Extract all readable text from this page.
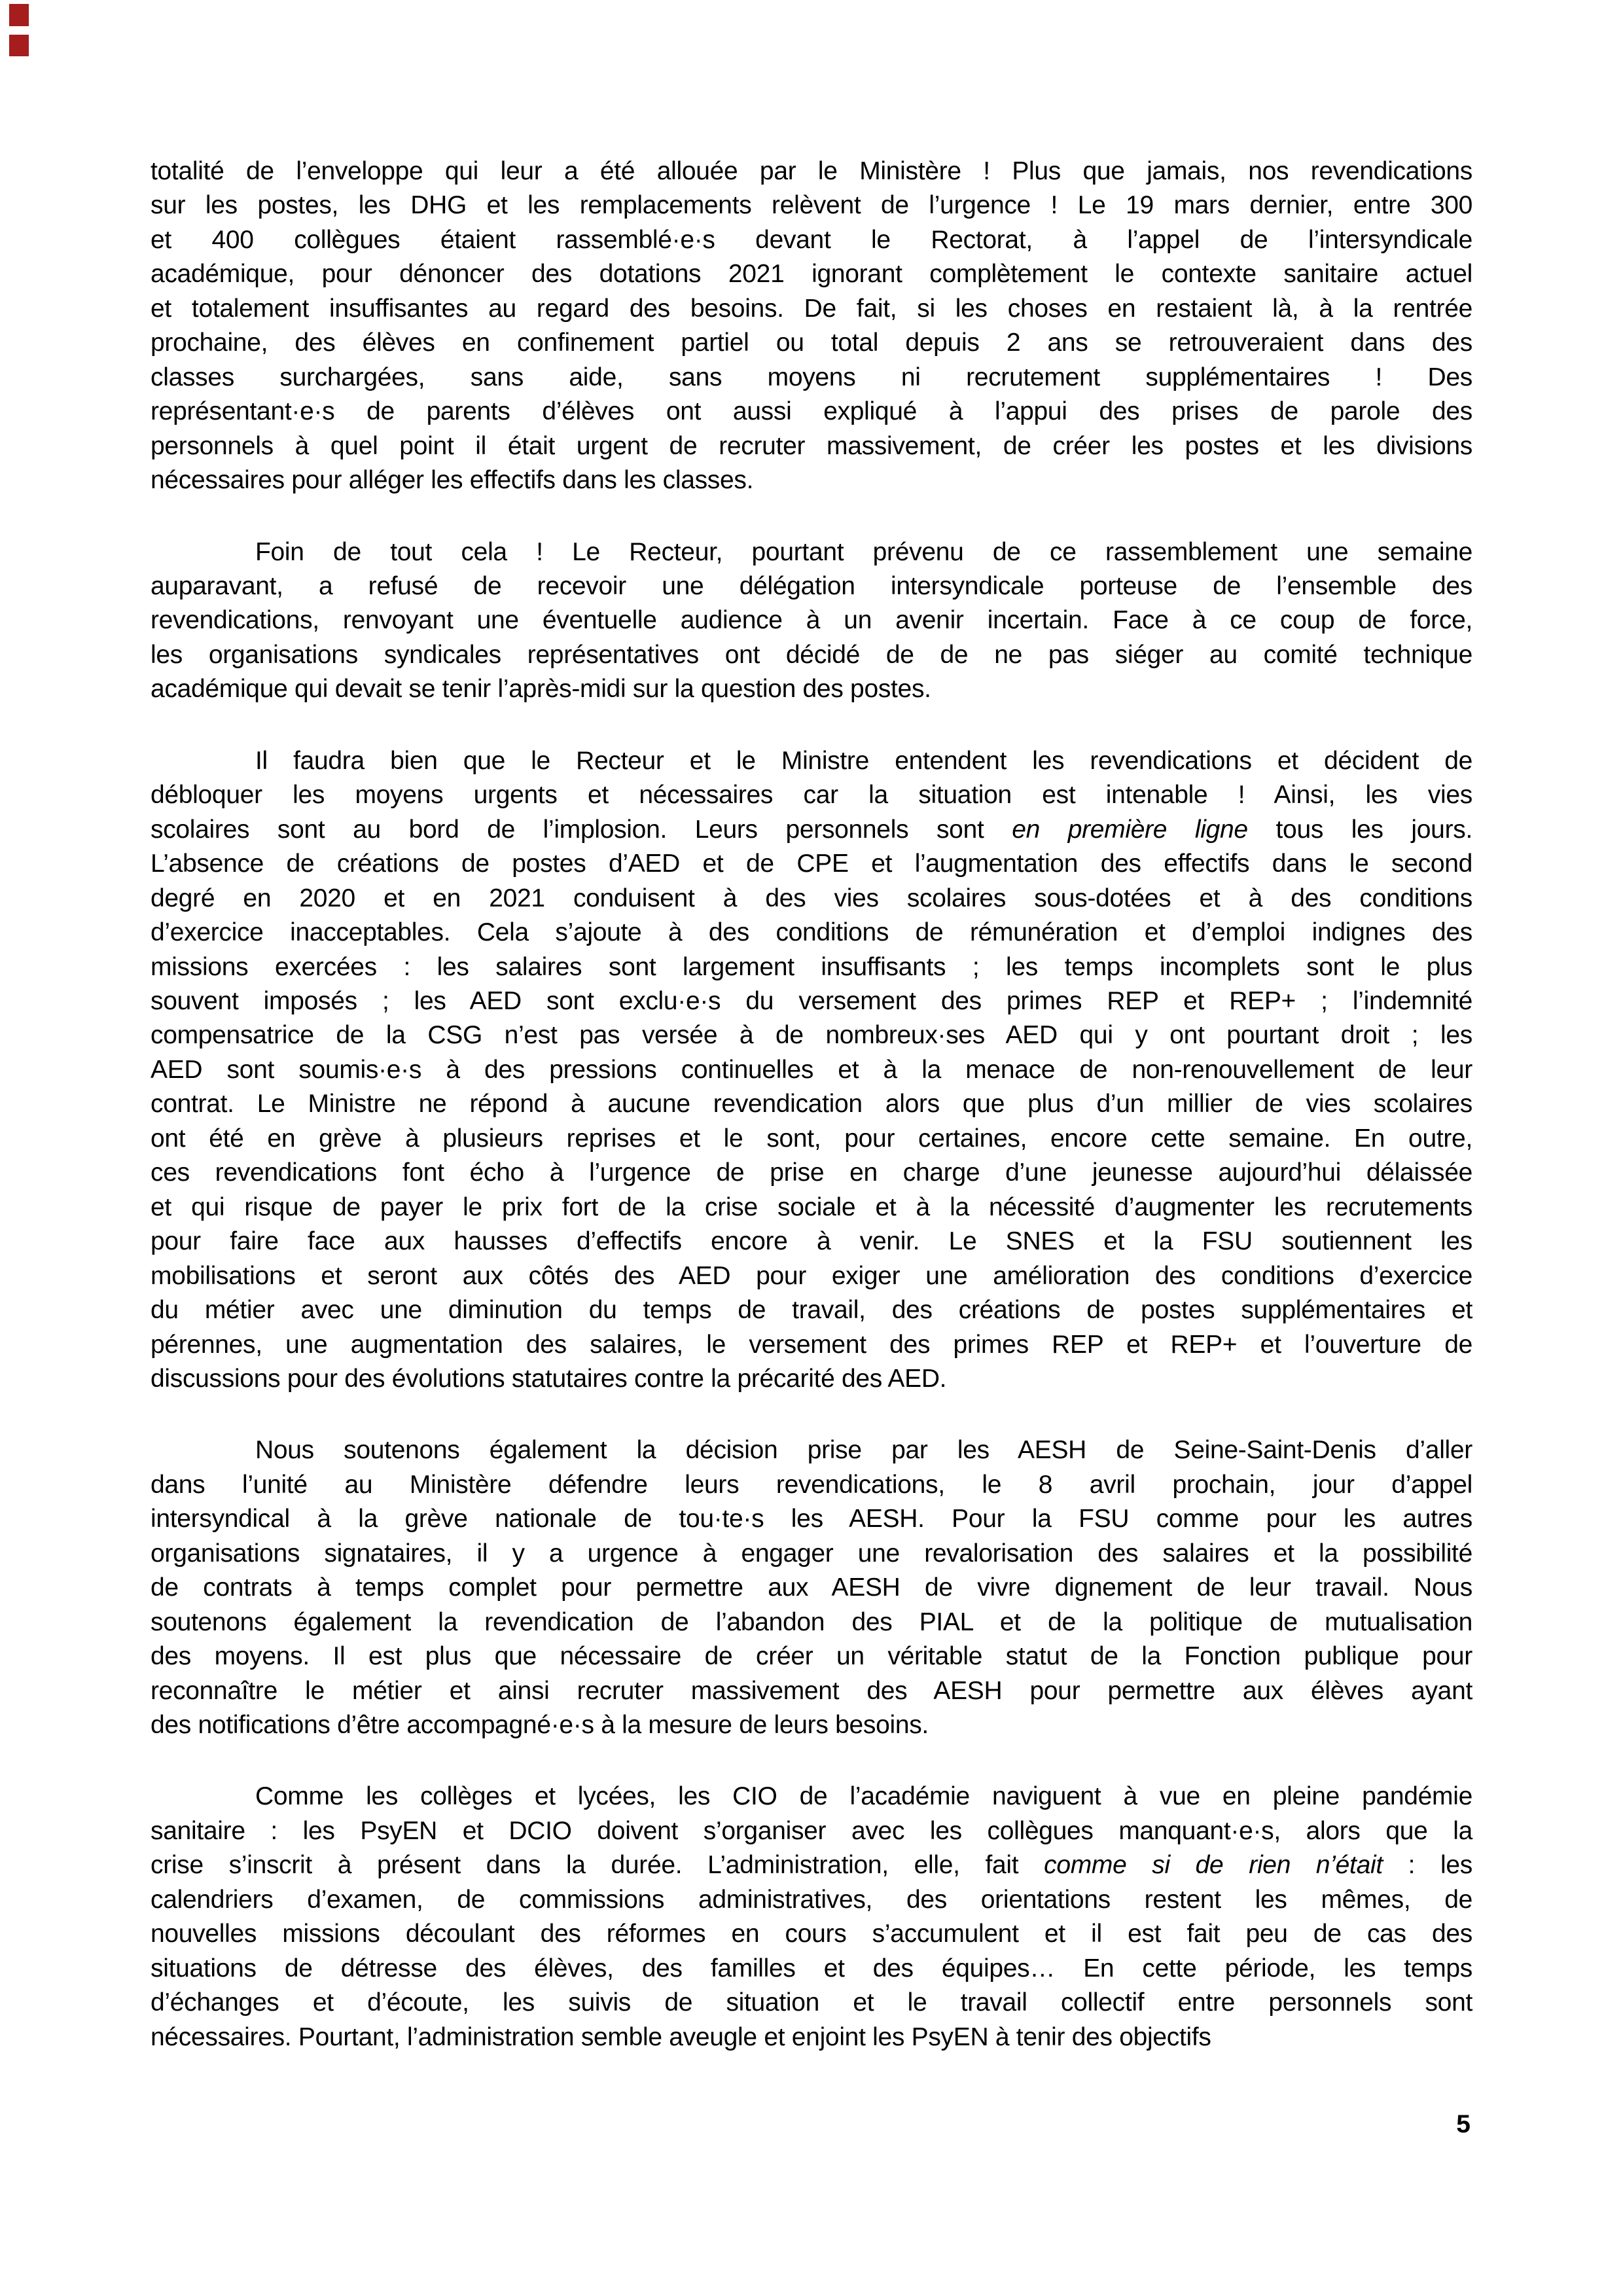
totalité de l’enveloppe qui leur a été allouée par le Ministère ! Plus que jamais, nos revendications
sur les postes, les DHG et les remplacements relèvent de l’urgence ! Le 19 mars dernier, entre 300
et 400 collègues étaient rassemblé·e·s devant le Rectorat, à l’appel de l’intersyndicale
académique, pour dénoncer des dotations 2021 ignorant complètement le contexte sanitaire actuel
et totalement insuffisantes au regard des besoins. De fait, si les choses en restaient là, à la rentrée
prochaine, des élèves en confinement partiel ou total depuis 2 ans se retrouveraient dans des
classes surchargées, sans aide, sans moyens ni recrutement supplémentaires ! Des
représentant·e·s de parents d’élèves ont aussi expliqué à l’appui des prises de parole des
personnels à quel point il était urgent de recruter massivement, de créer les postes et les divisions
nécessaires pour alléger les effectifs dans les classes.
Foin de tout cela ! Le Recteur, pourtant prévenu de ce rassemblement une semaine
auparavant, a refusé de recevoir une délégation intersyndicale porteuse de l’ensemble des
revendications, renvoyant une éventuelle audience à un avenir incertain. Face à ce coup de force,
les organisations syndicales représentatives ont décidé de de ne pas siéger au comité technique
académique qui devait se tenir l’après-midi sur la question des postes.
Il faudra bien que le Recteur et le Ministre entendent les revendications et décident de
débloquer les moyens urgents et nécessaires car la situation est intenable ! Ainsi, les vies
scolaires sont au bord de l’implosion. Leurs personnels sont en première ligne tous les jours.
L’absence de créations de postes d’AED et de CPE et l’augmentation des effectifs dans le second
degré en 2020 et en 2021 conduisent à des vies scolaires sous-dotées et à des conditions
d’exercice inacceptables. Cela s’ajoute à des conditions de rémunération et d’emploi indignes des
missions exercées : les salaires sont largement insuffisants ; les temps incomplets sont le plus
souvent imposés ; les AED sont exclu·e·s du versement des primes REP et REP+ ; l’indemnité
compensatrice de la CSG n’est pas versée à de nombreux·ses AED qui y ont pourtant droit ; les
AED sont soumis·e·s à des pressions continuelles et à la menace de non-renouvellement de leur
contrat. Le Ministre ne répond à aucune revendication alors que plus d’un millier de vies scolaires
ont été en grève à plusieurs reprises et le sont, pour certaines, encore cette semaine. En outre,
ces revendications font écho à l’urgence de prise en charge d’une jeunesse aujourd’hui délaissée
et qui risque de payer le prix fort de la crise sociale et à la nécessité d’augmenter les recrutements
pour faire face aux hausses d’effectifs encore à venir. Le SNES et la FSU soutiennent les
mobilisations et seront aux côtés des AED pour exiger une amélioration des conditions d’exercice
du métier avec une diminution du temps de travail, des créations de postes supplémentaires et
pérennes, une augmentation des salaires, le versement des primes REP et REP+ et l’ouverture de
discussions pour des évolutions statutaires contre la précarité des AED.
Nous soutenons également la décision prise par les AESH de Seine-Saint-Denis d’aller
dans l’unité au Ministère défendre leurs revendications, le 8 avril prochain, jour d’appel
intersyndical à la grève nationale de tou·te·s les AESH. Pour la FSU comme pour les autres
organisations signataires, il y a urgence à engager une revalorisation des salaires et la possibilité
de contrats à temps complet pour permettre aux AESH de vivre dignement de leur travail. Nous
soutenons également la revendication de l’abandon des PIAL et de la politique de mutualisation
des moyens. Il est plus que nécessaire de créer un véritable statut de la Fonction publique pour
reconnaître le métier et ainsi recruter massivement des AESH pour permettre aux élèves ayant
des notifications d’être accompagné·e·s à la mesure de leurs besoins.
Comme les collèges et lycées, les CIO de l’académie naviguent à vue en pleine pandémie
sanitaire : les PsyEN et DCIO doivent s’organiser avec les collègues manquant·e·s, alors que la
crise s’inscrit à présent dans la durée. L’administration, elle, fait comme si de rien n’était : les
calendriers d’examen, de commissions administratives, des orientations restent les mêmes, de
nouvelles missions découlant des réformes en cours s’accumulent et il est fait peu de cas des
situations de détresse des élèves, des familles et des équipes… En cette période, les temps
d’échanges et d’écoute, les suivis de situation et le travail collectif entre personnels sont
nécessaires. Pourtant, l’administration semble aveugle et enjoint les PsyEN à tenir des objectifs
5
